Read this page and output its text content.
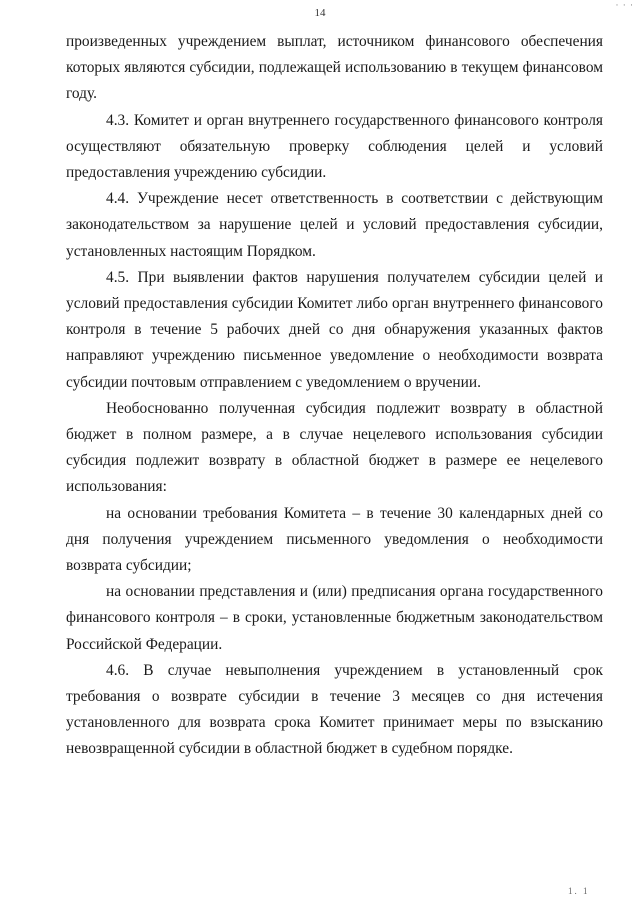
14
· · ·

произведенных учреждением выплат, источником финансового обеспечения которых являются субсидии, подлежащей использованию в текущем финансовом году.

4.3. Комитет и орган внутреннего государственного финансового контроля осуществляют обязательную проверку соблюдения целей и условий предоставления учреждению субсидии.

4.4. Учреждение несет ответственность в соответствии с действующим законодательством за нарушение целей и условий предоставления субсидии, установленных настоящим Порядком.

4.5. При выявлении фактов нарушения получателем субсидии целей и условий предоставления субсидии Комитет либо орган внутреннего финансового контроля в течение 5 рабочих дней со дня обнаружения указанных фактов направляют учреждению письменное уведомление о необходимости возврата субсидии почтовым отправлением с уведомлением о вручении.

Необоснованно полученная субсидия подлежит возврату в областной бюджет в полном размере, а в случае нецелевого использования субсидии субсидия подлежит возврату в областной бюджет в размере ее нецелевого использования:

на основании требования Комитета – в течение 30 календарных дней со дня получения учреждением письменного уведомления о необходимости возврата субсидии;

на основании представления и (или) предписания органа государственного финансового контроля – в сроки, установленные бюджетным законодательством Российской Федерации.

4.6. В случае невыполнения учреждением в установленный срок требования о возврате субсидии в течение 3 месяцев со дня истечения установленного для возврата срока Комитет принимает меры по взысканию невозвращенной субсидии в областной бюджет в судебном порядке.

1. 1
